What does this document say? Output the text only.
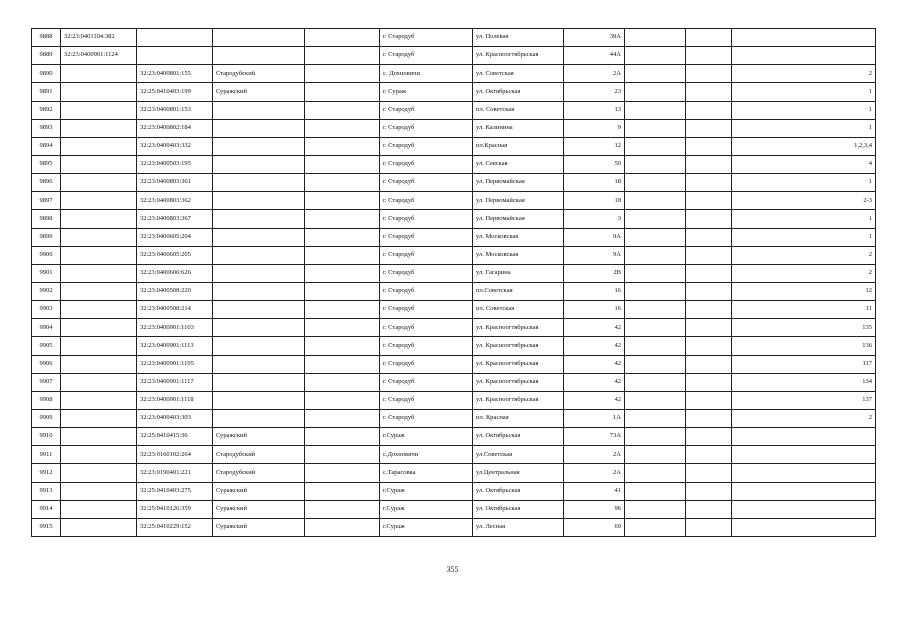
9888	32:23:0401104:382				г. Стародуб	ул. Полевая	39А			
9889	32:23:0400901:1124				г. Стародуб	ул. Красноогтябрьская	44А			
9890		32:23:0400801:155	Стародубский		с. Дохновичи	ул. Советская	2А			2
9891		32:25:0410403:199	Суражский		г. Сураж	ул. Октябрьская	23			1
9892		32:23:0400801:153			г. Стародуб	пл. Советская	13			1
9893		32:23:0400802:184			г. Стародуб	ул. Калинина	9			1
9894		32:23:0400403:332			г. Стародуб	пл.Красная	12			1,2,3,4
9895		32:23:0400503:195			г. Стародуб	ул. Севская	50			4
9896		32:23:0400803:361			г. Стародуб	ул. Первомайская	18			1
9897		32:23:0400803:362			г. Стародуб	ул. Первомайская	18			2-3
9898		32:23:0400803:367			г. Стародуб	ул. Первомайская	3			1
9899		32:23:0400605:204			г. Стародуб	ул. Московская	9А			1
9900		32:23:0400605:205			г. Стародуб	ул. Московская	9А			2
9901		32:23:0400606:626			г. Стародуб	ул. Гагарина	2В			2
9902		32:23:0400508:220			г. Стародуб	пл.Советская	16			12
9903		32:23:0400508:214			г. Стародуб	пл. Советская	16			11
9904		32:23:0400901:1103			г. Стародуб	ул. Красноогтябрьская	42			135
9905		32:23:0400901:1113			г. Стародуб	ул. Красноогтябрьская	42			136
9906		32:23:0400901:1105			г. Стародуб	ул. Красноогтябрьская	42			117
9907		32:23:0400901:1117			г. Стародуб	ул. Красноогтябрьская	42			134
9908		32:23:0400901:1118			г. Стародуб	ул. Красноогтябрьская	42			137
9909		32:23:0400403:303			г. Стародуб	пл. Красная	1А			2
9910		32:25:0410415:36	Суражский		г.Сураж	ул. Октябрьская	73А			
9911		32:23:0160102:264	Стародубский		с.Дохновичи	ул.Советская	2А			
9912		32:23:0190401:221	Стародубский		с.Тарасовка	ул.Центральная	2А			
9913		32:25:0410403:275	Суражский		г.Сураж	ул. Октябрьская	41			
9914		32:25:0410126:359	Суражский		г.Сураж	ул. Октябрьская	96			
9915		32:25:0410229:152	Суражский		г.Сураж	ул. Лесная	69			
355
